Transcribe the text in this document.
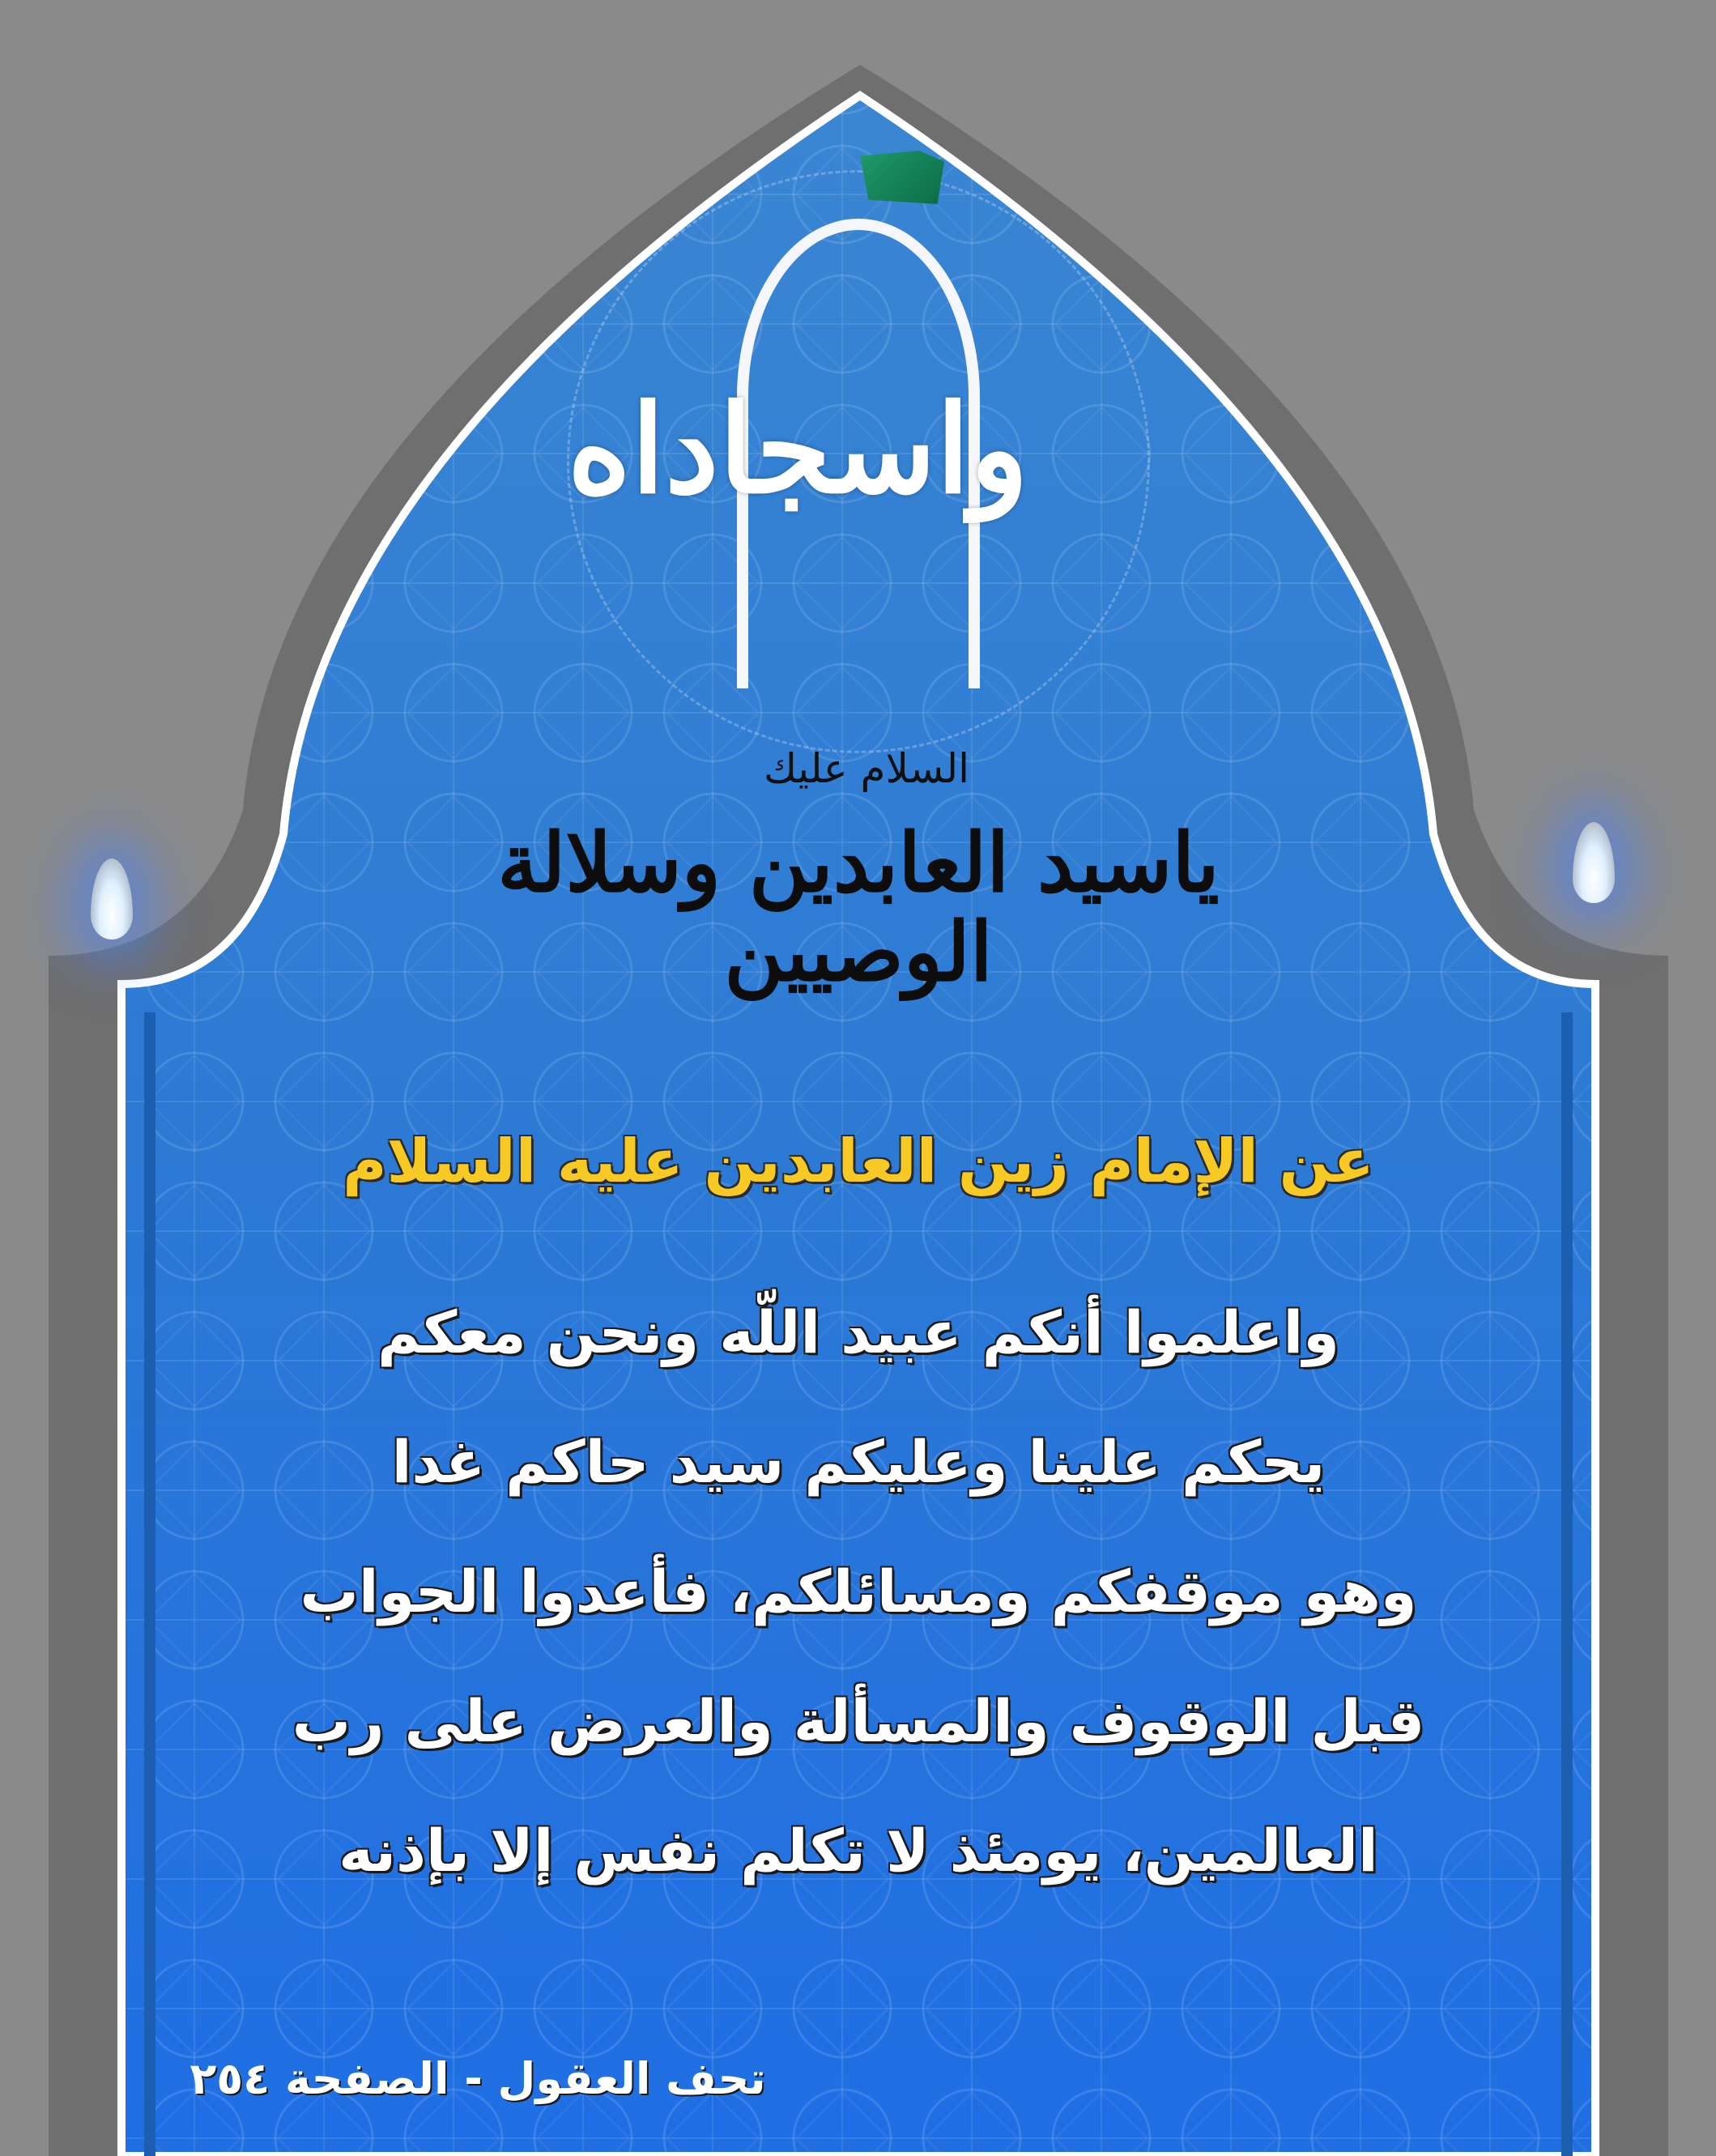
واسجاداه
السلام عليك
ياسيد العابدين وسلالة الوصيين
عن الإمام زين العابدين عليه السلام
واعلموا أنكم عبيد اللّه ونحن معكم
يحكم علينا وعليكم سيد حاكم غدا
وهو موقفكم ومسائلكم، فأعدوا الجواب
قبل الوقوف والمسألة والعرض على رب
العالمين، يومئذ لا تكلم نفس إلا بإذنه
تحف العقول - الصفحة ٢٥٤
